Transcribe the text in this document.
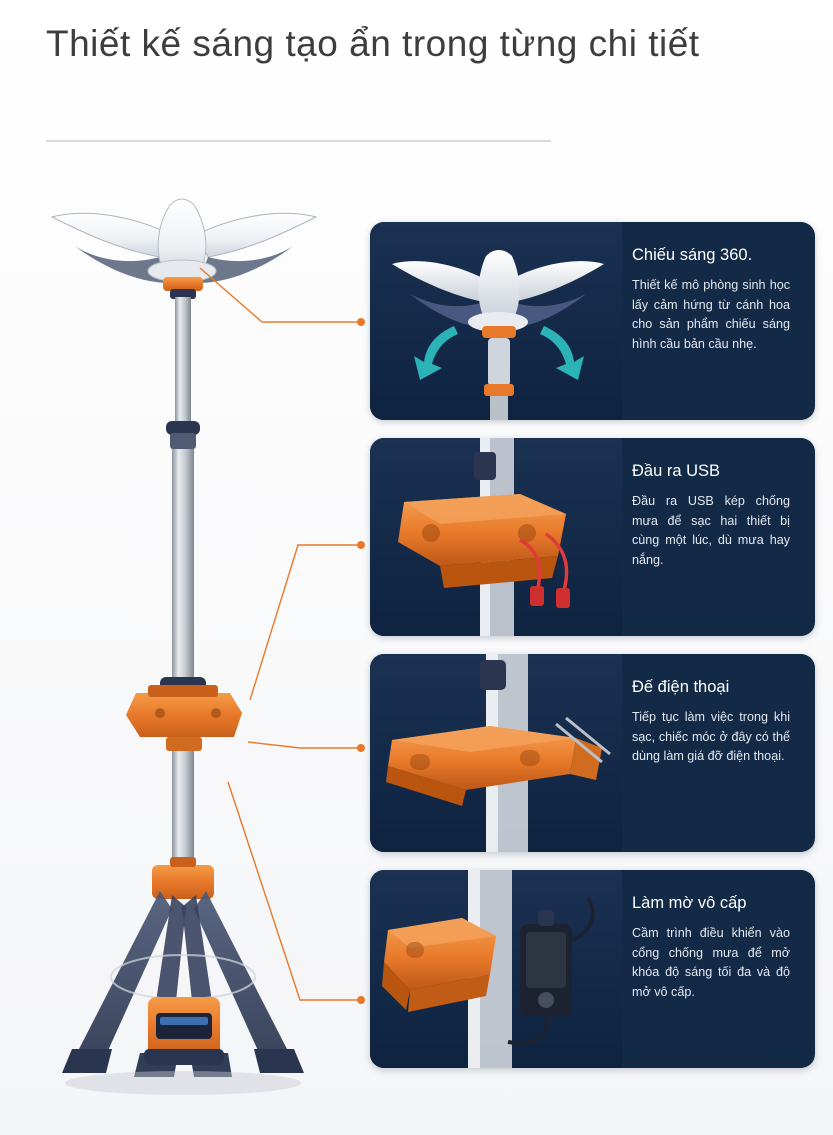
Thiết kế sáng tạo ẩn trong từng chi tiết

Chiếu sáng 360.

Thiết kế mô phòng sinh học lấy cảm hứng từ cánh hoa cho sản phẩm chiếu sáng hình cầu bản cầu nhẹ.

Đầu ra USB

Đầu ra USB kép chống mưa để sạc hai thiết bị cùng một lúc, dù mưa hay nắng.

Đế điện thoại

Tiếp tục làm việc trong khi sạc, chiếc móc ở đây có thể dùng làm giá đỡ điện thoại.

Làm mờ vô cấp

Cầm trình điều khiển vào cổng chống mưa để mở khóa độ sáng tối đa và độ mở vô cấp.
